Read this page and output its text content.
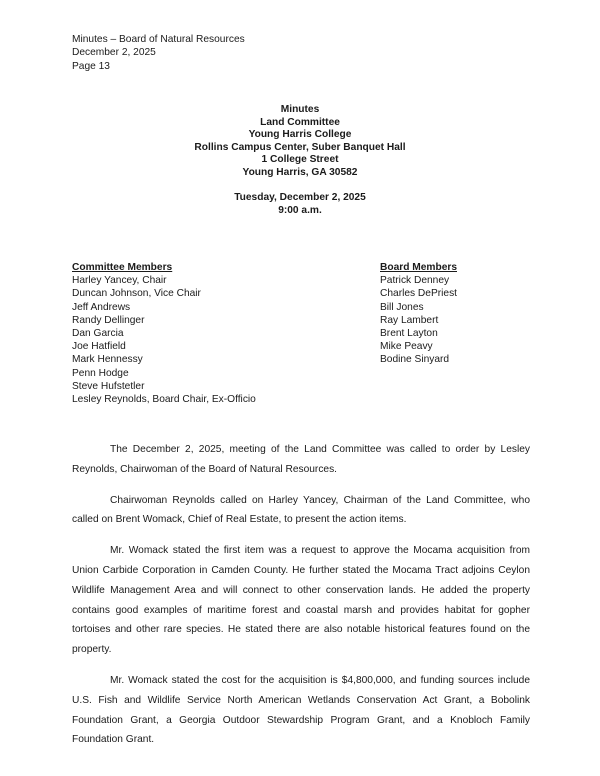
Minutes – Board of Natural Resources
December 2, 2025
Page 13
Minutes
Land Committee
Young Harris College
Rollins Campus Center, Suber Banquet Hall
1 College Street
Young Harris, GA 30582
Tuesday, December 2, 2025
9:00 a.m.
Committee Members
Harley Yancey, Chair
Duncan Johnson, Vice Chair
Jeff Andrews
Randy Dellinger
Dan Garcia
Joe Hatfield
Mark Hennessy
Penn Hodge
Steve Hufstetler
Lesley Reynolds, Board Chair, Ex-Officio
Board Members
Patrick Denney
Charles DePriest
Bill Jones
Ray Lambert
Brent Layton
Mike Peavy
Bodine Sinyard

The December 2, 2025, meeting of the Land Committee was called to order by Lesley Reynolds, Chairwoman of the Board of Natural Resources.

Chairwoman Reynolds called on Harley Yancey, Chairman of the Land Committee, who called on Brent Womack, Chief of Real Estate, to present the action items.

Mr. Womack stated the first item was a request to approve the Mocama acquisition from Union Carbide Corporation in Camden County. He further stated the Mocama Tract adjoins Ceylon Wildlife Management Area and will connect to other conservation lands. He added the property contains good examples of maritime forest and coastal marsh and provides habitat for gopher tortoises and other rare species. He stated there are also notable historical features found on the property.

Mr. Womack stated the cost for the acquisition is $4,800,000, and funding sources include U.S. Fish and Wildlife Service North American Wetlands Conservation Act Grant, a Bobolink Foundation Grant, a Georgia Outdoor Stewardship Program Grant, and a Knobloch Family Foundation Grant.
